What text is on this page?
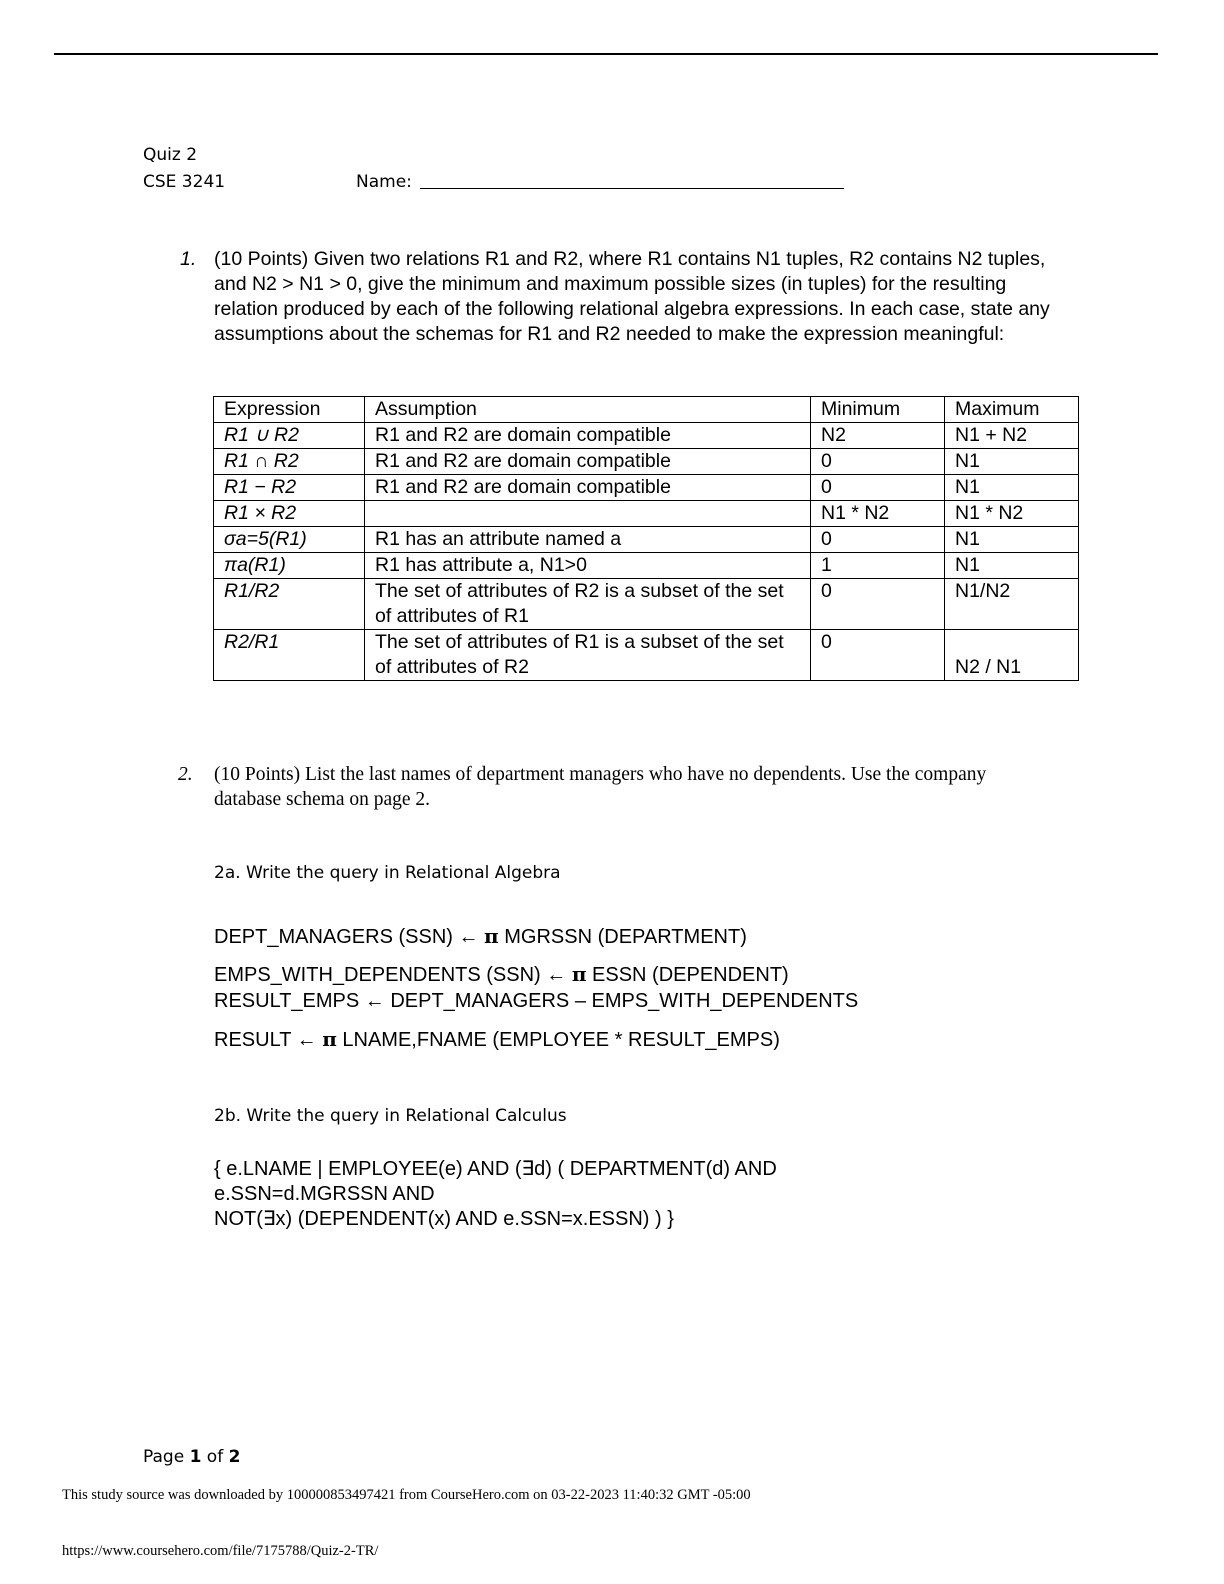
Quiz 2
CSE 3241	Name:
1. (10 Points) Given two relations R1 and R2, where R1 contains N1 tuples, R2 contains N2 tuples, and N2 > N1 > 0, give the minimum and maximum possible sizes (in tuples) for the resulting relation produced by each of the following relational algebra expressions. In each case, state any assumptions about the schemas for R1 and R2 needed to make the expression meaningful:
Expression	Assumption	Minimum	Maximum
R1 ∪ R2	R1 and R2 are domain compatible	N2	N1 + N2
R1 ∩ R2	R1 and R2 are domain compatible	0	N1
R1 − R2	R1 and R2 are domain compatible	0	N1
R1 × R2		N1 * N2	N1 * N2
σa=5(R1)	R1 has an attribute named a	0	N1
πa(R1)	R1 has attribute a, N1>0	1	N1
R1/R2	The set of attributes of R2 is a subset of the set of attributes of R1	0	N1/N2
R2/R1	The set of attributes of R1 is a subset of the set of attributes of R2	0	N2 / N1
2. (10 Points) List the last names of department managers who have no dependents. Use the company database schema on page 2.
2a. Write the query in Relational Algebra
DEPT_MANAGERS (SSN) ← π MGRSSN (DEPARTMENT)
EMPS_WITH_DEPENDENTS (SSN) ← π ESSN (DEPENDENT)
RESULT_EMPS ← DEPT_MANAGERS – EMPS_WITH_DEPENDENTS
RESULT ← π LNAME,FNAME (EMPLOYEE * RESULT_EMPS)
2b. Write the query in Relational Calculus
{ e.LNAME | EMPLOYEE(e) AND (∃d) ( DEPARTMENT(d) AND
e.SSN=d.MGRSSN AND
NOT(∃x) (DEPENDENT(x) AND e.SSN=x.ESSN) ) }
Page 1 of 2
This study source was downloaded by 100000853497421 from CourseHero.com on 03-22-2023 11:40:32 GMT -05:00
https://www.coursehero.com/file/7175788/Quiz-2-TR/
